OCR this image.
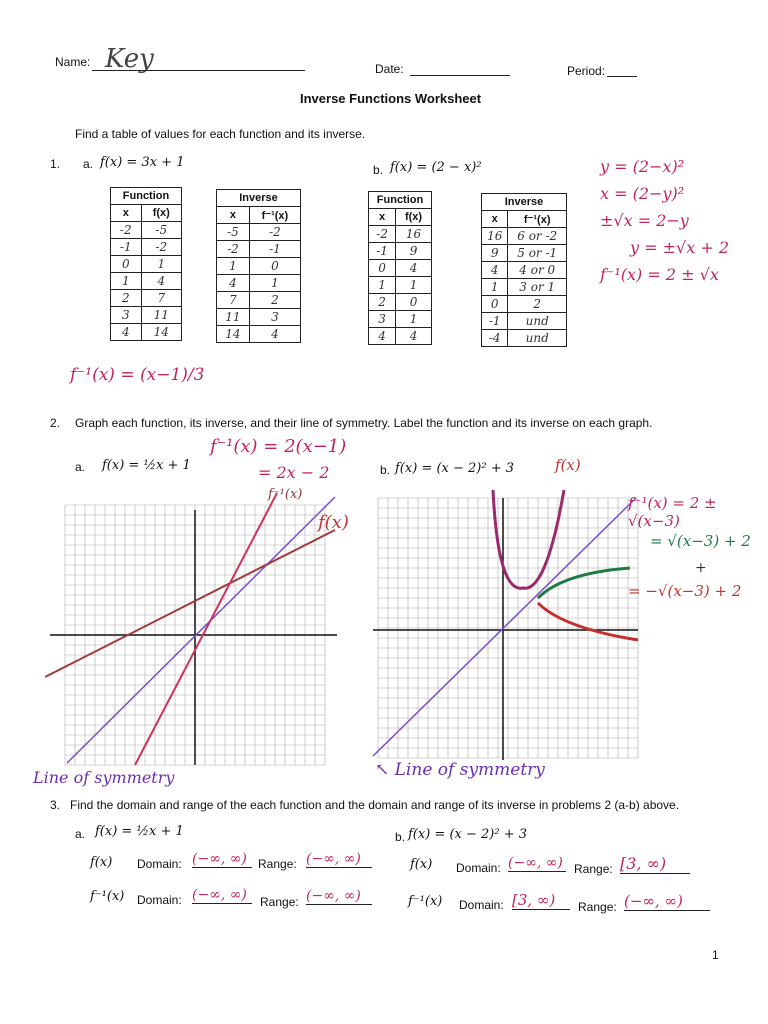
Name: Key	Date:	Period:
Inverse Functions Worksheet
Find a table of values for each function and its inverse.
1. a. f(x) = 3x + 1	b. f(x) = (2 − x)²
Function	
x	f(x)
-2	-5
-1	-2
0	1
1	4
2	7
3	11
4	14
Inverse	
x	f⁻¹(x)
-5	-2
-2	-1
1	0
4	1
7	2
11	3
14	4
Function	
x	f(x)
-2	16
-1	9
0	4
1	1
2	0
3	1
4	4
Inverse	
x	f⁻¹(x)
16	6 or -2
9	5 or -1
4	4 or 0
1	3 or 1
0	2
-1	und
-4	und
f⁻¹(x) = (x−1)/3
y = (2−x)²
x = (2−y)²
±√x = 2−y
y = ±√x + 2
f⁻¹(x) = 2 ± √x
2. Graph each function, its inverse, and their line of symmetry. Label the function and its inverse on each graph.
a. f(x) = ½x + 1	b. f(x) = (x − 2)² + 3
f⁻¹(x) = 2(x−1)
= 2x − 2
f⁻¹(x)
f(x)
Line of symmetry
f(x)
f⁻¹(x) = 2 ± √(x−3)
= √(x−3) + 2
+
= −√(x−3) + 2
↖ Line of symmetry
3. Find the domain and range of the each function and the domain and range of its inverse in problems 2 (a-b) above.
a. f(x) = ½x + 1	b. f(x) = (x − 2)² + 3
f(x) Domain: (−∞, ∞) Range: (−∞, ∞)
f⁻¹(x) Domain: (−∞, ∞)	Range: (−∞, ∞)
f(x) Domain: (−∞, ∞) Range: [3, ∞)
f⁻¹(x) Domain: [3, ∞)	Range: (−∞, ∞)
1
